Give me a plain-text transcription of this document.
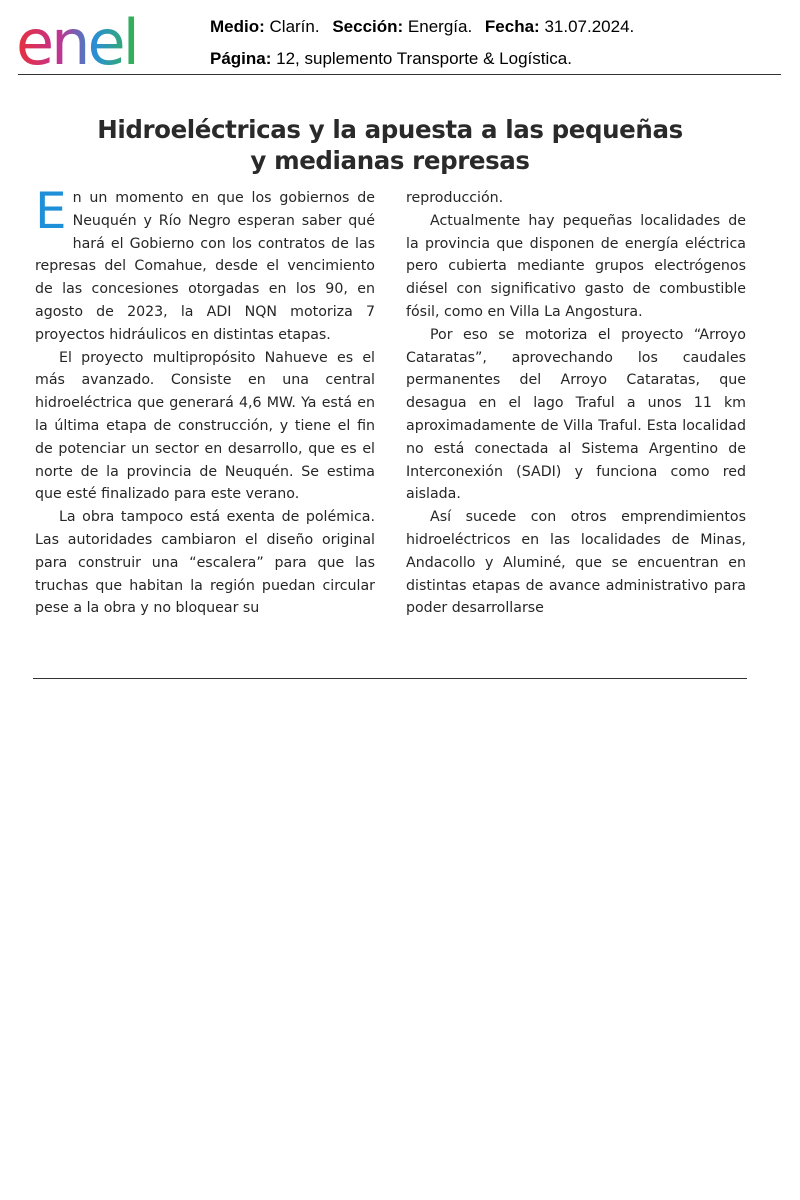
enel	Medio: Clarín. Sección: Energía. Fecha: 31.07.2024.
Página: 12, suplemento Transporte & Logística.
Hidroeléctricas y la apuesta a las pequeñas
y medianas represas

En un momento en que los gobiernos de Neuquén y Río Negro esperan saber qué hará el Gobierno con los contratos de las represas del Comahue, desde el vencimiento de las concesiones otorgadas en los 90, en agosto de 2023, la ADI NQN motoriza 7 proyectos hidráulicos en distintas etapas.

El proyecto multipropósito Nahueve es el más avanzado. Consiste en una central hidroeléctrica que generará 4,6 MW. Ya está en la última etapa de construcción, y tiene el fin de potenciar un sector en desarrollo, que es el norte de la provincia de Neuquén. Se estima que esté finalizado para este verano.

La obra tampoco está exenta de polémica. Las autoridades cambiaron el diseño original para construir una “escalera” para que las truchas que habitan la región puedan circular pese a la obra y no bloquear su

reproducción.

Actualmente hay pequeñas localidades de la provincia que disponen de energía eléctrica pero cubierta mediante grupos electrógenos diésel con significativo gasto de combustible fósil, como en Villa La Angostura.

Por eso se motoriza el proyecto “Arroyo Cataratas”, aprovechando los caudales permanentes del Arroyo Cataratas, que desagua en el lago Traful a unos 11 km aproximadamente de Villa Traful. Esta localidad no está conectada al Sistema Argentino de Interconexión (SADI) y funciona como red aislada.

Así sucede con otros emprendimientos hidroeléctricos en las localidades de Minas, Andacollo y Aluminé, que se encuentran en distintas etapas de avance administrativo para poder desarrollarse
